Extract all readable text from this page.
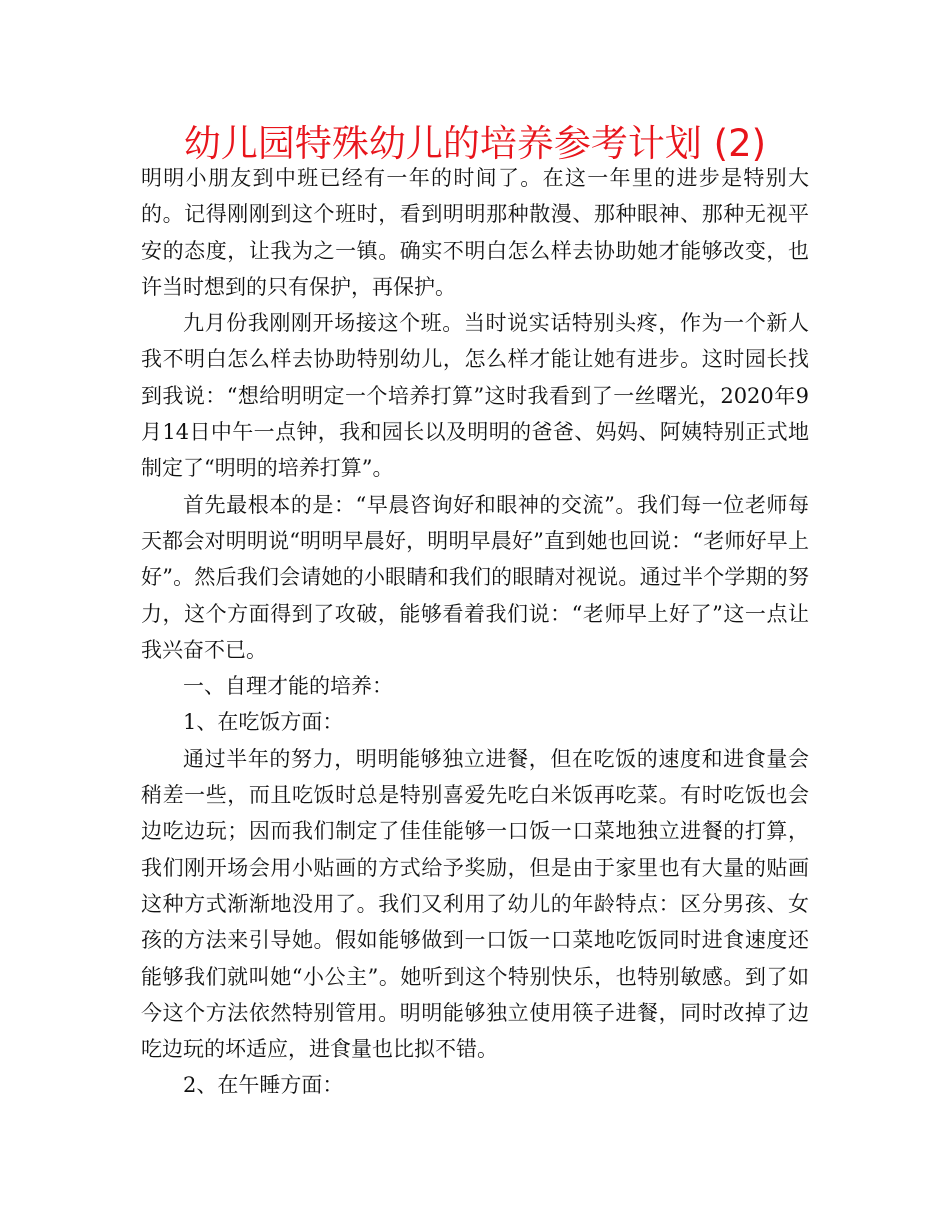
幼儿园特殊幼儿的培养参考计划 (2)

明明小朋友到中班已经有一年的时间了。在这一年里的进步是特别大的。记得刚刚到这个班时，看到明明那种散漫、那种眼神、那种无视平安的态度，让我为之一镇。确实不明白怎么样去协助她才能够改变，也许当时想到的只有保护，再保护。

九月份我刚刚开场接这个班。当时说实话特别头疼，作为一个新人我不明白怎么样去协助特别幼儿，怎么样才能让她有进步。这时园长找到我说：“想给明明定一个培养打算”这时我看到了一丝曙光，2020年9月14日中午一点钟，我和园长以及明明的爸爸、妈妈、阿姨特别正式地制定了“明明的培养打算”。

首先最根本的是：“早晨咨询好和眼神的交流”。我们每一位老师每天都会对明明说“明明早晨好，明明早晨好”直到她也回说：“老师好早上好”。然后我们会请她的小眼睛和我们的眼睛对视说。通过半个学期的努力，这个方面得到了攻破，能够看着我们说：“老师早上好了”这一点让我兴奋不已。

一、自理才能的培养：

1、在吃饭方面：

通过半年的努力，明明能够独立进餐，但在吃饭的速度和进食量会稍差一些，而且吃饭时总是特别喜爱先吃白米饭再吃菜。有时吃饭也会边吃边玩；因而我们制定了佳佳能够一口饭一口菜地独立进餐的打算，我们刚开场会用小贴画的方式给予奖励，但是由于家里也有大量的贴画这种方式渐渐地没用了。我们又利用了幼儿的年龄特点：区分男孩、女孩的方法来引导她。假如能够做到一口饭一口菜地吃饭同时进食速度还能够我们就叫她“小公主”。她听到这个特别快乐，也特别敏感。到了如今这个方法依然特别管用。明明能够独立使用筷子进餐，同时改掉了边吃边玩的坏适应，进食量也比拟不错。

2、在午睡方面：
